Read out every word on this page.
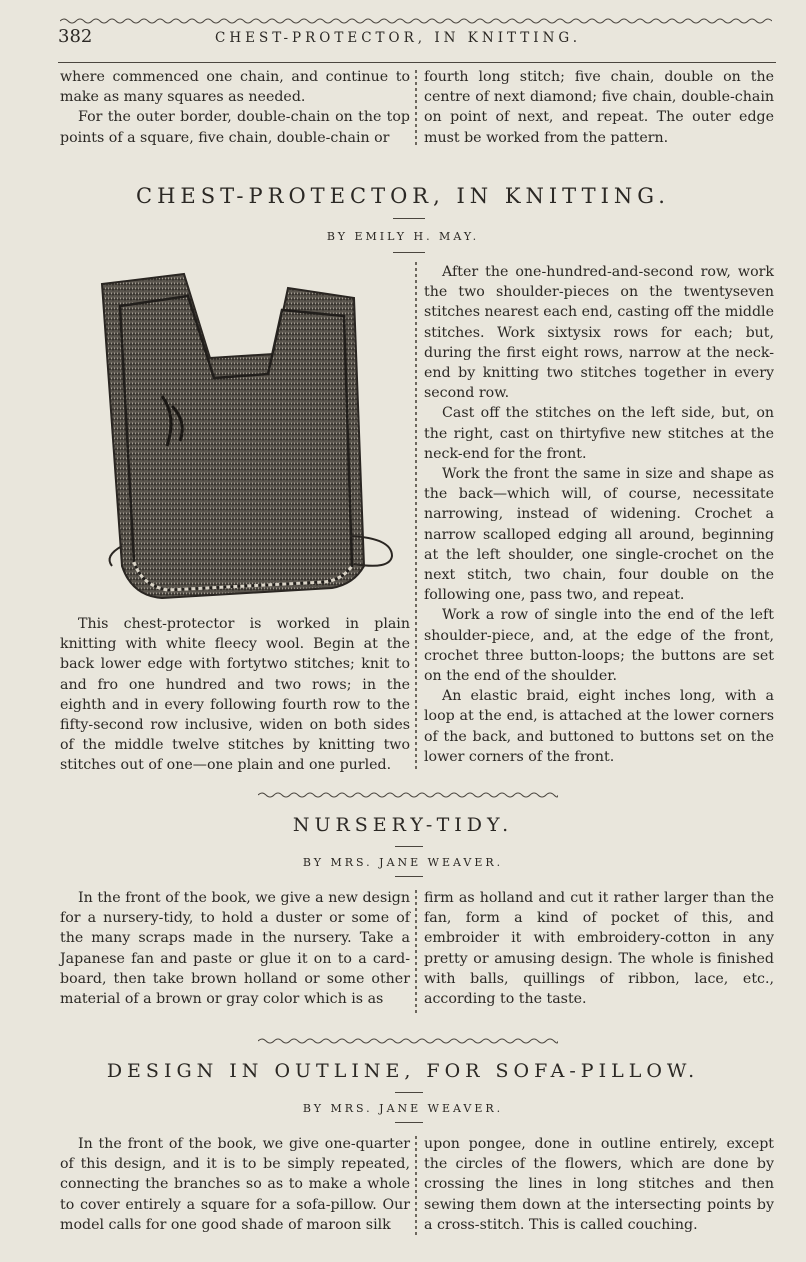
382	CHEST-PROTECTOR, IN KNITTING.

where commenced one chain, and continue to make as many squares as needed.

For the outer border, double-chain on the top points of a square, five chain, double-chain or

fourth long stitch; five chain, double on the centre of next diamond; five chain, double-chain on point of next, and repeat. The outer edge must be worked from the pattern.

CHEST-PROTECTOR, IN KNITTING.
BY EMILY H. MAY.

This chest-protector is worked in plain knitting with white fleecy wool. Begin at the back lower edge with fortytwo stitches; knit to and fro one hundred and two rows; in the eighth and in every following fourth row to the fifty-second row inclusive, widen on both sides of the middle twelve stitches by knitting two stitches out of one—one plain and one purled.

After the one-hundred-and-second row, work the two shoulder-pieces on the twentyseven stitches nearest each end, casting off the middle stitches. Work sixtysix rows for each; but, during the first eight rows, narrow at the neck-end by knitting two stitches together in every second row.

Cast off the stitches on the left side, but, on the right, cast on thirtyfive new stitches at the neck-end for the front.

Work the front the same in size and shape as the back—which will, of course, necessitate narrowing, instead of widening. Crochet a narrow scalloped edging all around, beginning at the left shoulder, one single-crochet on the next stitch, two chain, four double on the following one, pass two, and repeat.

Work a row of single into the end of the left shoulder-piece, and, at the edge of the front, crochet three button-loops; the buttons are set on the end of the shoulder.

An elastic braid, eight inches long, with a loop at the end, is attached at the lower corners of the back, and buttoned to buttons set on the lower corners of the front.

NURSERY-TIDY.
BY MRS. JANE WEAVER.

In the front of the book, we give a new design for a nursery-tidy, to hold a duster or some of the many scraps made in the nursery. Take a Japanese fan and paste or glue it on to a card-board, then take brown holland or some other material of a brown or gray color which is as

firm as holland and cut it rather larger than the fan, form a kind of pocket of this, and embroider it with embroidery-cotton in any pretty or amusing design. The whole is finished with balls, quillings of ribbon, lace, etc., according to the taste.

DESIGN IN OUTLINE, FOR SOFA-PILLOW.
BY MRS. JANE WEAVER.

In the front of the book, we give one-quarter of this design, and it is to be simply repeated, connecting the branches so as to make a whole to cover entirely a square for a sofa-pillow. Our model calls for one good shade of maroon silk

upon pongee, done in outline entirely, except the circles of the flowers, which are done by crossing the lines in long stitches and then sewing them down at the intersecting points by a cross-stitch. This is called couching.
